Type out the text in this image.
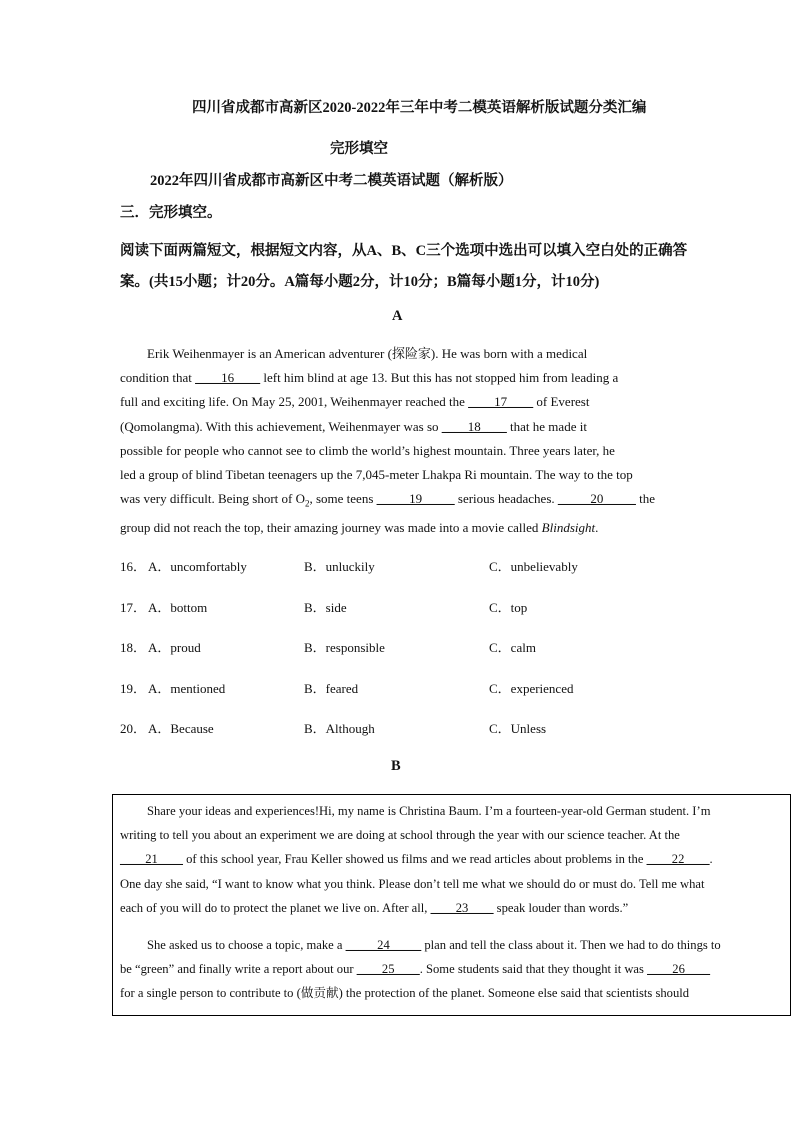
四川省成都市高新区2020-2022年三年中考二模英语解析版试题分类汇编
完形填空
2022年四川省成都市高新区中考二模英语试题（解析版）
三．完形填空。
阅读下面两篇短文，根据短文内容，从A、B、C三个选项中选出可以填入空白处的正确答
案。(共15小题；计20分。A篇每小题2分，计10分；B篇每小题1分，计10分)
A
Erik Weihenmayer is an American adventurer (探险家). He was born with a medical
condition that ____16____ left him blind at age 13. But this has not stopped him from leading a
full and exciting life. On May 25, 2001, Weihenmayer reached the ____17____ of Everest
(Qomolangma). With this achievement, Weihenmayer was so ____18____ that he made it
possible for people who cannot see to climb the world’s highest mountain. Three years later, he
led a group of blind Tibetan teenagers up the 7,045-meter Lhakpa Ri mountain. The way to the top
was very difficult. Being short of $O_2$, some teens _____19_____ serious headaches. _____20_____ the
group did not reach the top, their amazing journey was made into a movie called Blindsight.
16． A．uncomfortably	B．unluckily	C．unbelievably
17． A．bottom	B．side	C．top
18． A．proud	B．responsible	C．calm
19． A．mentioned	B．feared	C．experienced
20． A．Because	B．Although	C．Unless
B
Share your ideas and experiences!Hi, my name is Christina Baum. I’m a fourteen-year-old German student. I’m
writing to tell you about an experiment we are doing at school through the year with our science teacher. At the
____21____ of this school year, Frau Keller showed us films and we read articles about problems in the ____22____.
One day she said, “I want to know what you think. Please don’t tell me what we should do or must do. Tell me what
each of you will do to protect the planet we live on. After all, ____23____ speak louder than words.”
She asked us to choose a topic, make a _____24_____ plan and tell the class about it. Then we had to do things to
be “green” and finally write a report about our ____25____. Some students said that they thought it was ____26____
for a single person to contribute to (做贡献) the protection of the planet. Someone else said that scientists should
